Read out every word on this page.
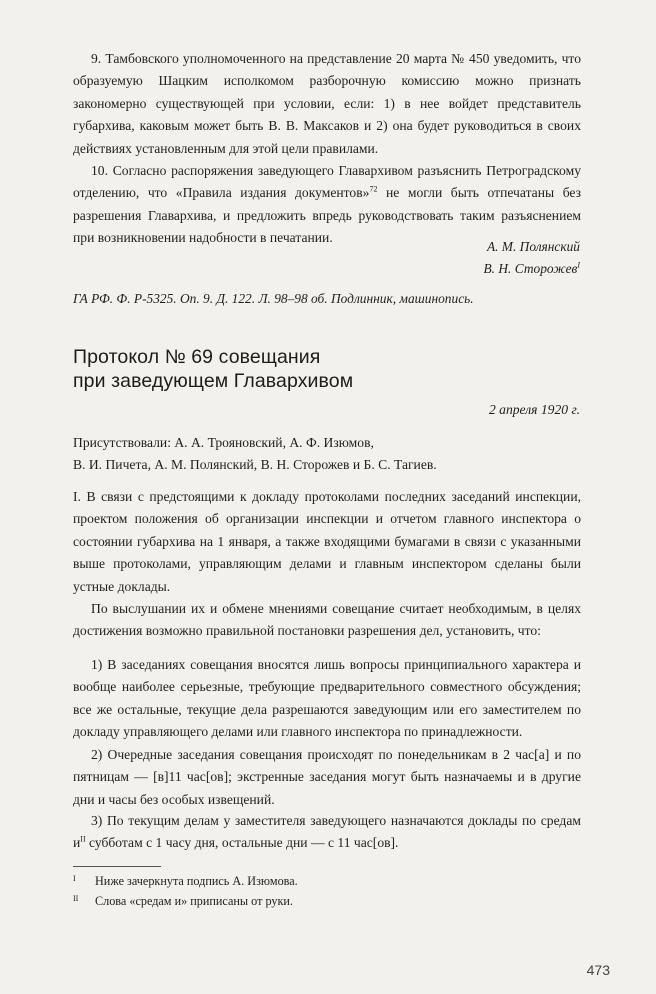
9. Тамбовского уполномоченного на представление 20 марта № 450 уведомить, что образуемую Шацким исполкомом разборочную комиссию можно признать закономерно существующей при условии, если: 1) в нее войдет представитель губархива, каковым может быть В. В. Максаков и 2) она будет руководиться в своих действиях установленным для этой цели правилами.
10. Согласно распоряжения заведующего Главархивом разъяснить Петроградскому отделению, что «Правила издания документов»$^{72}$ не могли быть отпечатаны без разрешения Главархива, и предложить впредь руководствовать таким разъяснением при возникновении надобности в печатании.
А. М. Полянский
В. Н. Сторожев$^I$
ГА РФ. Ф. Р-5325. Оп. 9. Д. 122. Л. 98–98 об. Подлинник, машинопись.
Протокол № 69 совещания
при заведующем Главархивом
2 апреля 1920 г.
Присутствовали: А. А. Трояновский, А. Ф. Изюмов,
В. И. Пичета, А. М. Полянский, В. Н. Сторожев и Б. С. Тагиев.
I. В связи с предстоящими к докладу протоколами последних заседаний инспекции, проектом положения об организации инспекции и отчетом главного инспектора о состоянии губархива на 1 января, а также входящими бумагами в связи с указанными выше протоколами, управляющим делами и главным инспектором сделаны были устные доклады.
По выслушании их и обмене мнениями совещание считает необходимым, в целях достижения возможно правильной постановки разрешения дел, установить, что:
1) В заседаниях совещания вносятся лишь вопросы принципиального характера и вообще наиболее серьезные, требующие предварительного совместного обсуждения; все же остальные, текущие дела разрешаются заведующим или его заместителем по докладу управляющего делами или главного инспектора по принадлежности.
2) Очередные заседания совещания происходят по понедельникам в 2 час[а] и по пятницам — [в]11 час[ов]; экстренные заседания могут быть назначаемы и в другие дни и часы без особых извещений.
3) По текущим делам у заместителя заведующего назначаются доклады по средам $и^{II}$ субботам с 1 часу дня, остальные дни — с 11 час[ов].
I Ниже зачеркнута подпись А. Изюмова.
II Слова «средам и» приписаны от руки.
473
